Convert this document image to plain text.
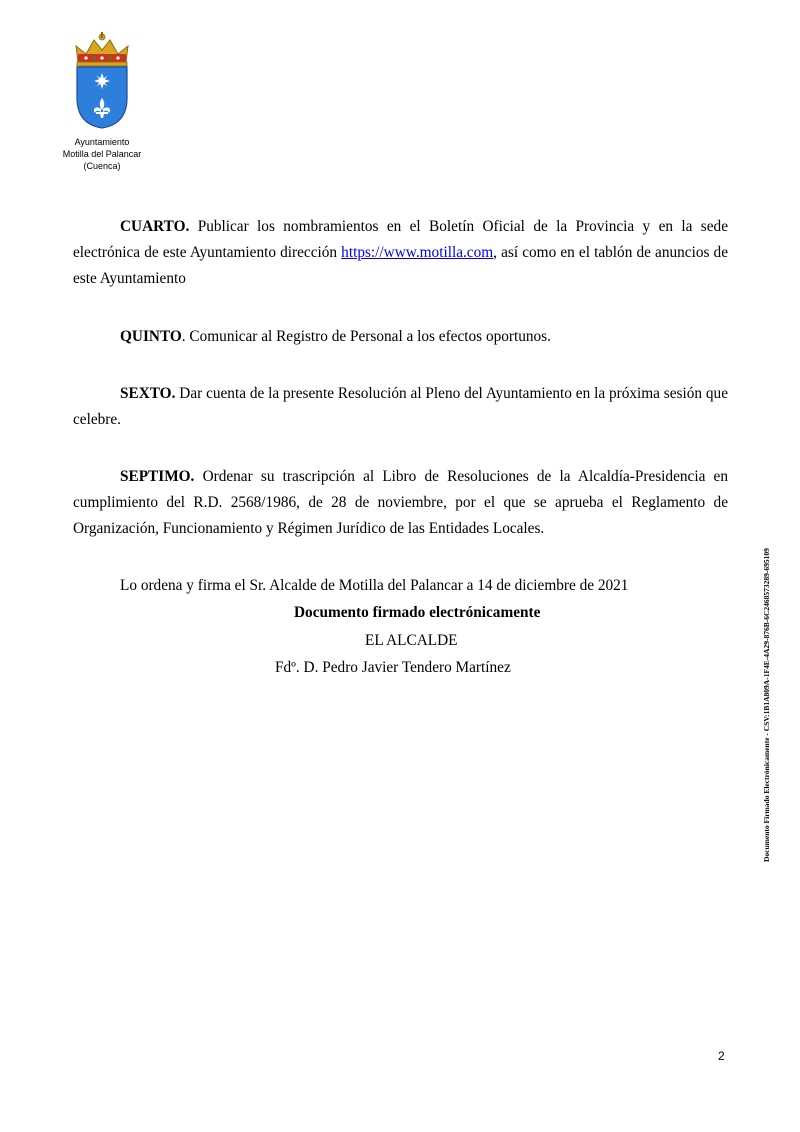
Ayuntamiento
Motilla del Palancar
(Cuenca)

CUARTO. Publicar los nombramientos en el Boletín Oficial de la Provincia y en la sede electrónica de este Ayuntamiento dirección https://www.motilla.com, así como en el tablón de anuncios de este Ayuntamiento

QUINTO. Comunicar al Registro de Personal a los efectos oportunos.

SEXTO. Dar cuenta de la presente Resolución al Pleno del Ayuntamiento en la próxima sesión que celebre.

SEPTIMO. Ordenar su trascripción al Libro de Resoluciones de la Alcaldía-Presidencia en cumplimiento del R.D. 2568/1986, de 28 de noviembre, por el que se aprueba el Reglamento de Organización, Funcionamiento y Régimen Jurídico de las Entidades Locales.

Lo ordena y firma el Sr. Alcalde de Motilla del Palancar a 14 de diciembre de 2021

Documento firmado electrónicamente

EL ALCALDE

Fdº. D. Pedro Javier Tendero Martínez	Documento Firmado Electrónicamente - CSV:1B1A809A-1F4E-4A29-876B-6C2468573289-695109
2
